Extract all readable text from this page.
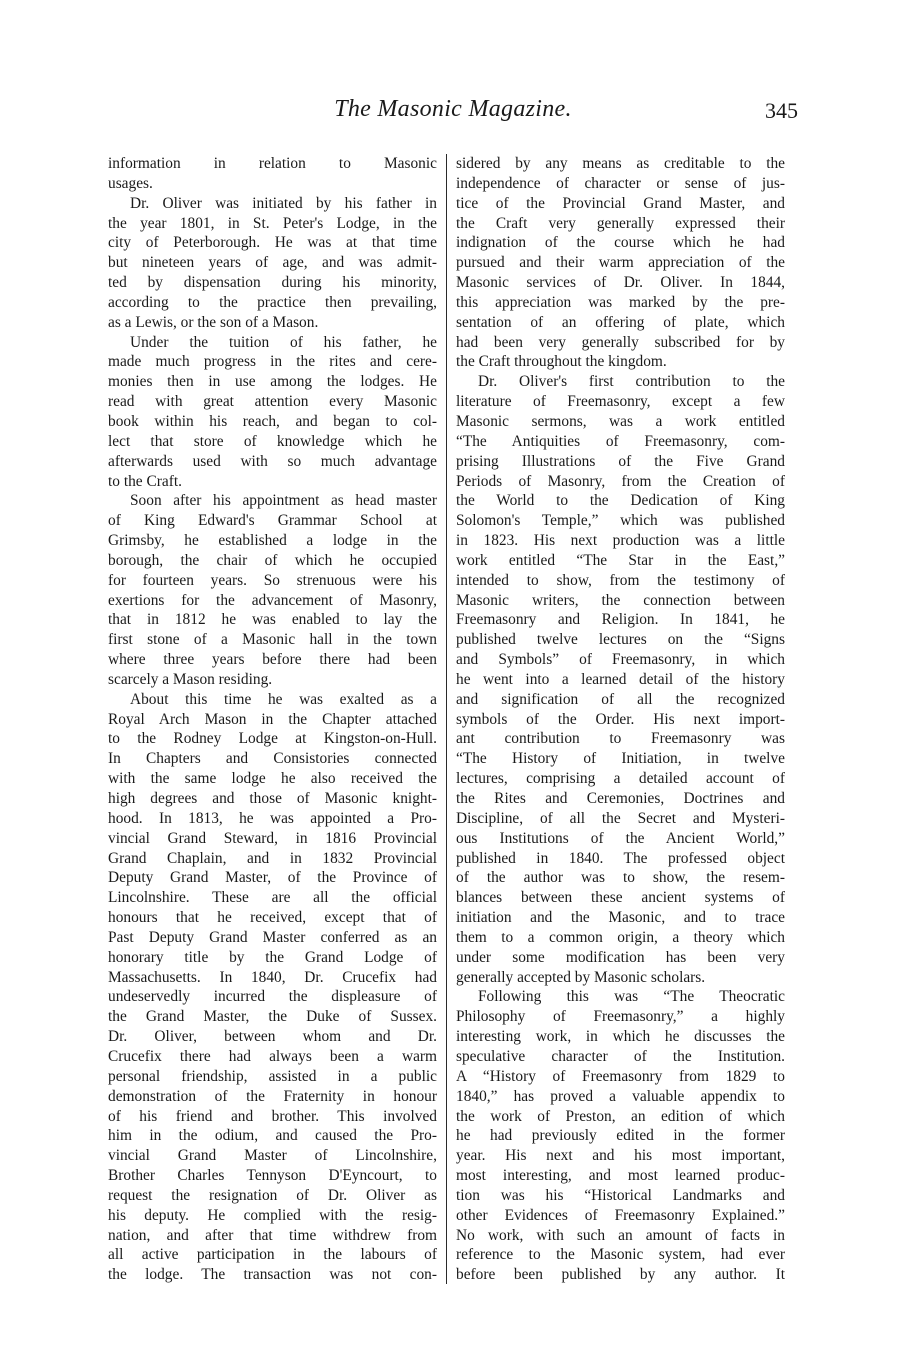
The Masonic Magazine.	345
information in relation to Masonic
usages.
Dr. Oliver was initiated by his father in
the year 1801, in St. Peter's Lodge, in the
city of Peterborough. He was at that time
but nineteen years of age, and was admit-
ted by dispensation during his minority,
according to the practice then prevailing,
as a Lewis, or the son of a Mason.
Under the tuition of his father, he
made much progress in the rites and cere-
monies then in use among the lodges. He
read with great attention every Masonic
book within his reach, and began to col-
lect that store of knowledge which he
afterwards used with so much advantage
to the Craft.
Soon after his appointment as head master
of King Edward's Grammar School at
Grimsby, he established a lodge in the
borough, the chair of which he occupied
for fourteen years. So strenuous were his
exertions for the advancement of Masonry,
that in 1812 he was enabled to lay the
first stone of a Masonic hall in the town
where three years before there had been
scarcely a Mason residing.
About this time he was exalted as a
Royal Arch Mason in the Chapter attached
to the Rodney Lodge at Kingston-on-Hull.
In Chapters and Consistories connected
with the same lodge he also received the
high degrees and those of Masonic knight-
hood. In 1813, he was appointed a Pro-
vincial Grand Steward, in 1816 Provincial
Grand Chaplain, and in 1832 Provincial
Deputy Grand Master, of the Province of
Lincolnshire. These are all the official
honours that he received, except that of
Past Deputy Grand Master conferred as an
honorary title by the Grand Lodge of
Massachusetts. In 1840, Dr. Crucefix had
undeservedly incurred the displeasure of
the Grand Master, the Duke of Sussex.
Dr. Oliver, between whom and Dr.
Crucefix there had always been a warm
personal friendship, assisted in a public
demonstration of the Fraternity in honour
of his friend and brother. This involved
him in the odium, and caused the Pro-
vincial Grand Master of Lincolnshire,
Brother Charles Tennyson D'Eyncourt, to
request the resignation of Dr. Oliver as
his deputy. He complied with the resig-
nation, and after that time withdrew from
all active participation in the labours of
the lodge. The transaction was not con-
sidered by any means as creditable to the
independence of character or sense of jus-
tice of the Provincial Grand Master, and
the Craft very generally expressed their
indignation of the course which he had
pursued and their warm appreciation of the
Masonic services of Dr. Oliver. In 1844,
this appreciation was marked by the pre-
sentation of an offering of plate, which
had been very generally subscribed for by
the Craft throughout the kingdom.
Dr. Oliver's first contribution to the
literature of Freemasonry, except a few
Masonic sermons, was a work entitled
“The Antiquities of Freemasonry, com-
prising Illustrations of the Five Grand
Periods of Masonry, from the Creation of
the World to the Dedication of King
Solomon's Temple,” which was published
in 1823. His next production was a little
work entitled “The Star in the East,”
intended to show, from the testimony of
Masonic writers, the connection between
Freemasonry and Religion. In 1841, he
published twelve lectures on the “Signs
and Symbols” of Freemasonry, in which
he went into a learned detail of the history
and signification of all the recognized
symbols of the Order. His next import-
ant contribution to Freemasonry was
“The History of Initiation, in twelve
lectures, comprising a detailed account of
the Rites and Ceremonies, Doctrines and
Discipline, of all the Secret and Mysteri-
ous Institutions of the Ancient World,”
published in 1840. The professed object
of the author was to show, the resem-
blances between these ancient systems of
initiation and the Masonic, and to trace
them to a common origin, a theory which
under some modification has been very
generally accepted by Masonic scholars.
Following this was “The Theocratic
Philosophy of Freemasonry,” a highly
interesting work, in which he discusses the
speculative character of the Institution.
A “History of Freemasonry from 1829 to
1840,” has proved a valuable appendix to
the work of Preston, an edition of which
he had previously edited in the former
year. His next and his most important,
most interesting, and most learned produc-
tion was his “Historical Landmarks and
other Evidences of Freemasonry Explained.”
No work, with such an amount of facts in
reference to the Masonic system, had ever
before been published by any author. It
